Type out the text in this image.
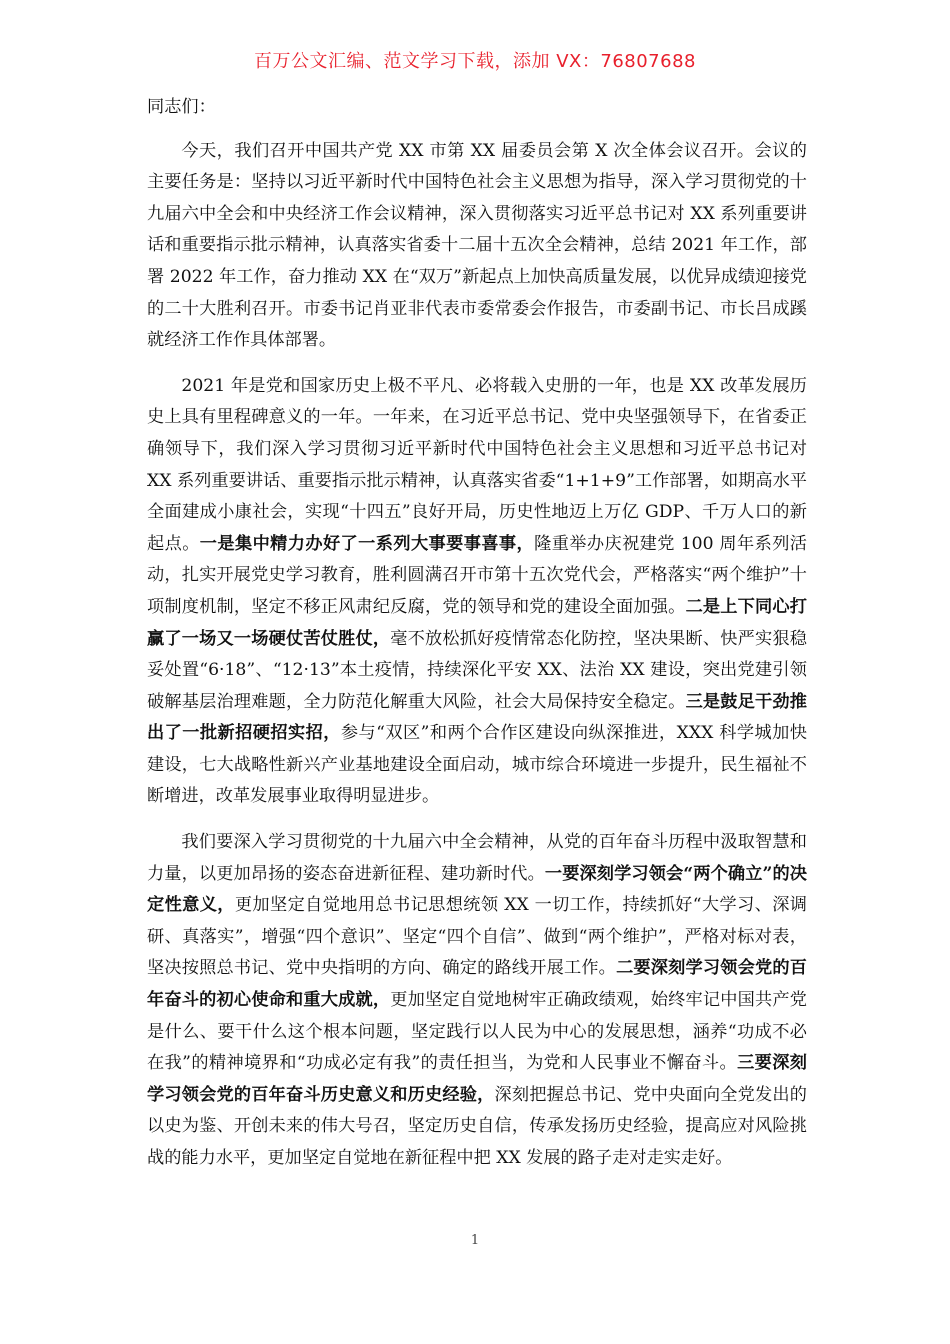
百万公文汇编、范文学习下载，添加 VX：76807688

同志们：

今天，我们召开中国共产党 XX 市第 XX 届委员会第 X 次全体会议召开。会议的主要任务是：坚持以习近平新时代中国特色社会主义思想为指导，深入学习贯彻党的十九届六中全会和中央经济工作会议精神，深入贯彻落实习近平总书记对 XX 系列重要讲话和重要指示批示精神，认真落实省委十二届十五次全会精神，总结 2021 年工作，部署 2022 年工作，奋力推动 XX 在“双万”新起点上加快高质量发展，以优异成绩迎接党的二十大胜利召开。市委书记肖亚非代表市委常委会作报告，市委副书记、市长吕成蹊就经济工作作具体部署。

2021 年是党和国家历史上极不平凡、必将载入史册的一年，也是 XX 改革发展历史上具有里程碑意义的一年。一年来，在习近平总书记、党中央坚强领导下，在省委正确领导下，我们深入学习贯彻习近平新时代中国特色社会主义思想和习近平总书记对 XX 系列重要讲话、重要指示批示精神，认真落实省委“1+1+9”工作部署，如期高水平全面建成小康社会，实现“十四五”良好开局，历史性地迈上万亿 GDP、千万人口的新起点。一是集中精力办好了一系列大事要事喜事，隆重举办庆祝建党 100 周年系列活动，扎实开展党史学习教育，胜利圆满召开市第十五次党代会，严格落实“两个维护”十项制度机制，坚定不移正风肃纪反腐，党的领导和党的建设全面加强。二是上下同心打赢了一场又一场硬仗苦仗胜仗，毫不放松抓好疫情常态化防控，坚决果断、快严实狠稳妥处置“6·18”、“12·13”本土疫情，持续深化平安 XX、法治 XX 建设，突出党建引领破解基层治理难题，全力防范化解重大风险，社会大局保持安全稳定。三是鼓足干劲推出了一批新招硬招实招，参与“双区”和两个合作区建设向纵深推进，XXX 科学城加快建设，七大战略性新兴产业基地建设全面启动，城市综合环境进一步提升，民生福祉不断增进，改革发展事业取得明显进步。

我们要深入学习贯彻党的十九届六中全会精神，从党的百年奋斗历程中汲取智慧和力量，以更加昂扬的姿态奋进新征程、建功新时代。一要深刻学习领会“两个确立”的决定性意义，更加坚定自觉地用总书记思想统领 XX 一切工作，持续抓好“大学习、深调研、真落实”，增强“四个意识”、坚定“四个自信”、做到“两个维护”，严格对标对表，坚决按照总书记、党中央指明的方向、确定的路线开展工作。二要深刻学习领会党的百年奋斗的初心使命和重大成就，更加坚定自觉地树牢正确政绩观，始终牢记中国共产党是什么、要干什么这个根本问题，坚定践行以人民为中心的发展思想，涵养“功成不必在我”的精神境界和“功成必定有我”的责任担当，为党和人民事业不懈奋斗。三要深刻学习领会党的百年奋斗历史意义和历史经验，深刻把握总书记、党中央面向全党发出的以史为鉴、开创未来的伟大号召，坚定历史自信，传承发扬历史经验，提高应对风险挑战的能力水平，更加坚定自觉地在新征程中把 XX 发展的路子走对走实走好。

1
